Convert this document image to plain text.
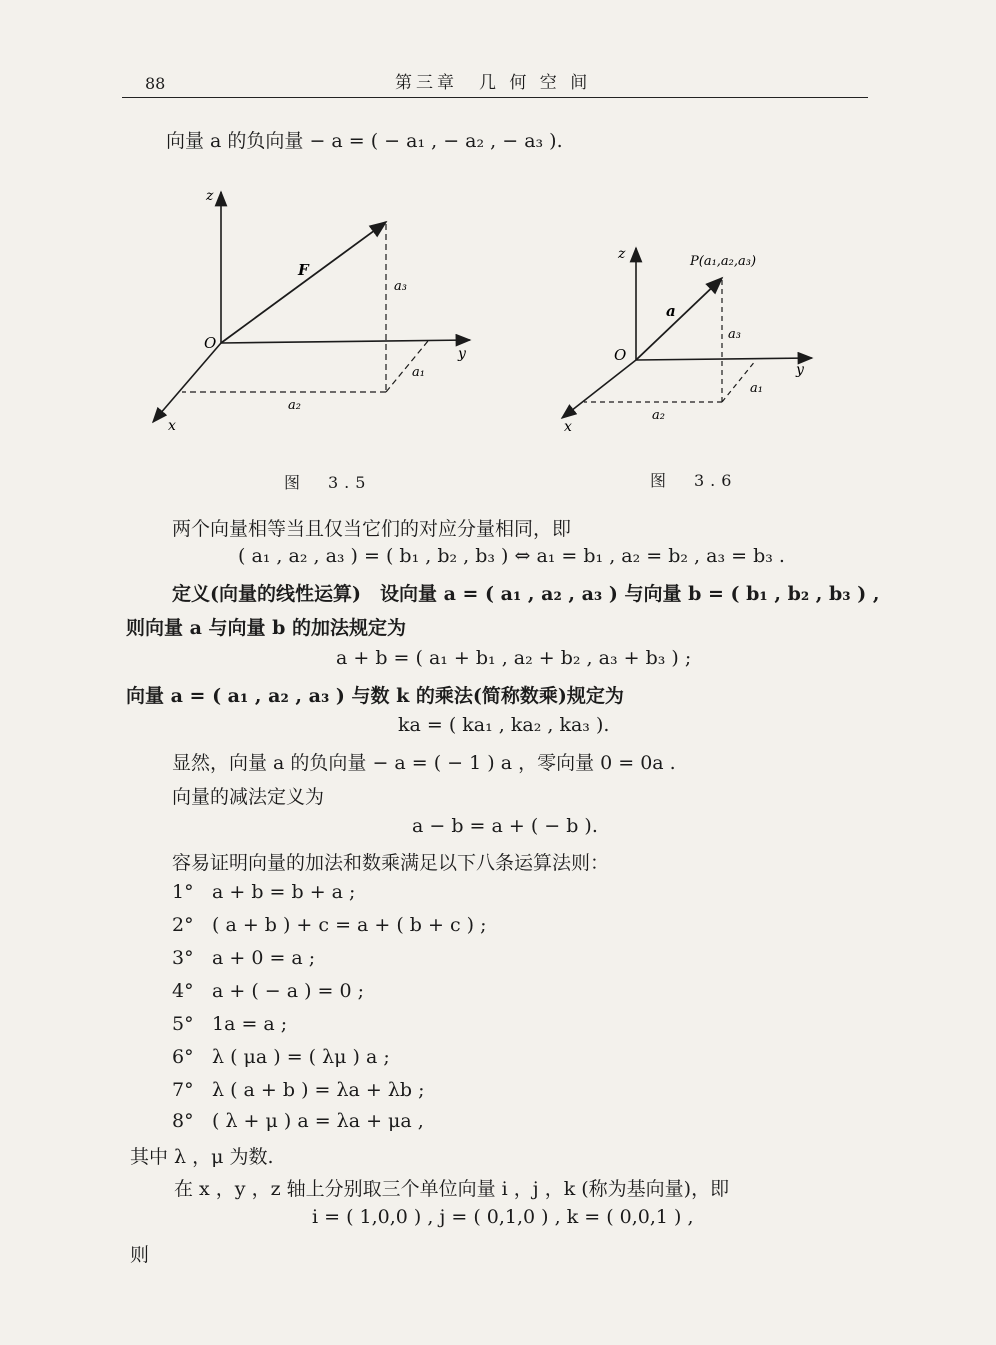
88	第三章　几 何 空 间
向量 a 的负向量 − a = ( − a₁ , − a₂ , − a₃ ).
z
y
x
O
F
a₃
a₁
a₂
图　3.5
z
y
x
O
a
P(a₁,a₂,a₃)
a₃
a₁
a₂
图　3.6
两个向量相等当且仅当它们的对应分量相同，即
( a₁ , a₂ , a₃ ) = ( b₁ , b₂ , b₃ ) ⇔ a₁ = b₁ , a₂ = b₂ , a₃ = b₃ .
定义(向量的线性运算)　设向量 a = ( a₁ , a₂ , a₃ ) 与向量 b = ( b₁ , b₂ , b₃ ) ,
则向量 a 与向量 b 的加法规定为
a + b = ( a₁ + b₁ , a₂ + b₂ , a₃ + b₃ ) ;
向量 a = ( a₁ , a₂ , a₃ ) 与数 k 的乘法(简称数乘)规定为
ka = ( ka₁ , ka₂ , ka₃ ).
显然，向量 a 的负向量 − a = ( − 1 ) a ，零向量 0 = 0a .
向量的减法定义为
a − b = a + ( − b ).
容易证明向量的加法和数乘满足以下八条运算法则：
1° a + b = b + a ;
2° ( a + b ) + c = a + ( b + c ) ;
3° a + 0 = a ;
4° a + ( − a ) = 0 ;
5° 1a = a ;
6° λ ( μa ) = ( λμ ) a ;
7° λ ( a + b ) = λa + λb ;
8° ( λ + μ ) a = λa + μa ,
其中 λ ，μ 为数.
在 x ，y ，z 轴上分别取三个单位向量 i ，j ，k (称为基向量)，即
i = ( 1,0,0 ) , j = ( 0,1,0 ) , k = ( 0,0,1 ) ,
则
